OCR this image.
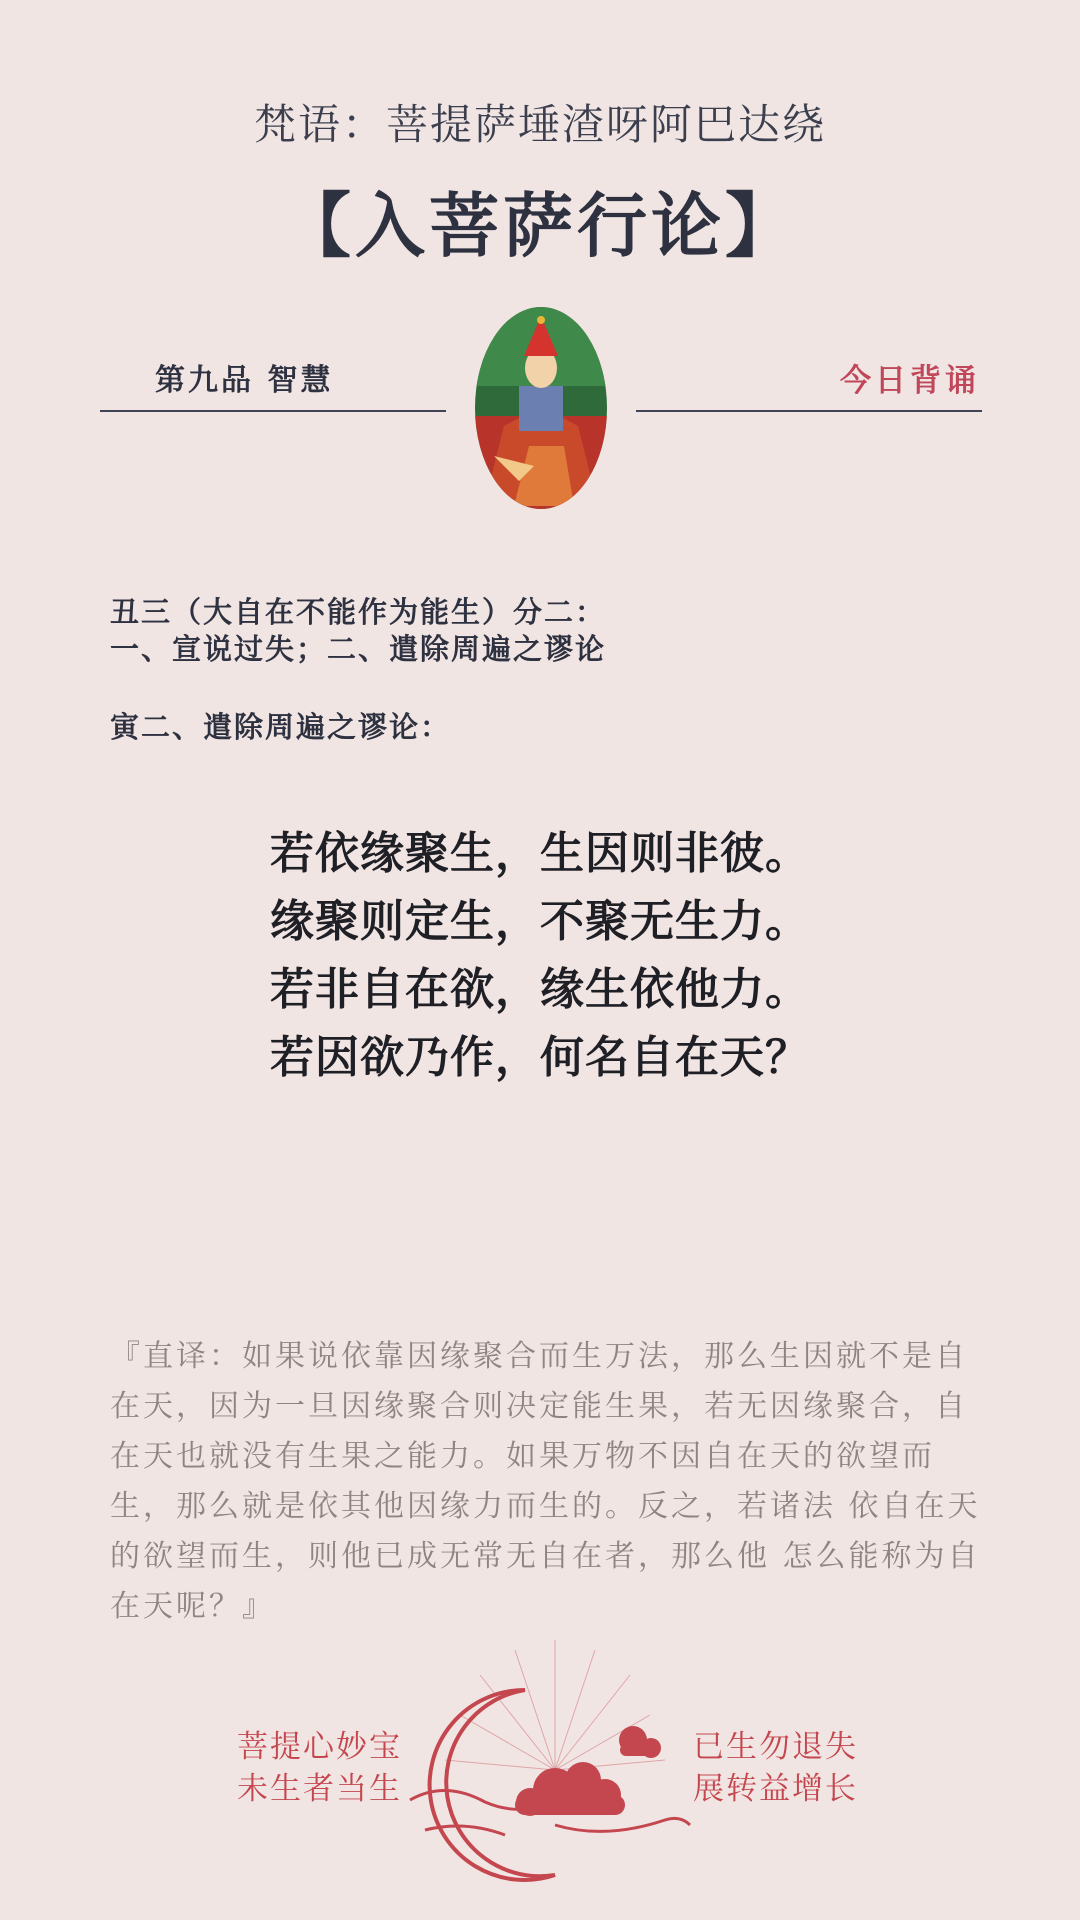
梵语：菩提萨埵渣呀阿巴达绕
【入菩萨行论】
第九品 智慧	今日背诵
丑三（大自在不能作为能生）分二：
一、宣说过失；二、遣除周遍之谬论
寅二、遣除周遍之谬论：
若依缘聚生，生因则非彼。
缘聚则定生，不聚无生力。
若非自在欲，缘生依他力。
若因欲乃作，何名自在天？
『直译：如果说依靠因缘聚合而生万法，那么生因就不是自
在天，因为一旦因缘聚合则决定能生果，若无因缘聚合，自
在天也就没有生果之能力。如果万物不因自在天的欲望而
生，那么就是依其他因缘力而生的。反之，若诸法 依自在天
的欲望而生，则他已成无常无自在者，那么他 怎么能称为自
在天呢？』
菩提心妙宝
未生者当生
已生勿退失
展转益增长
